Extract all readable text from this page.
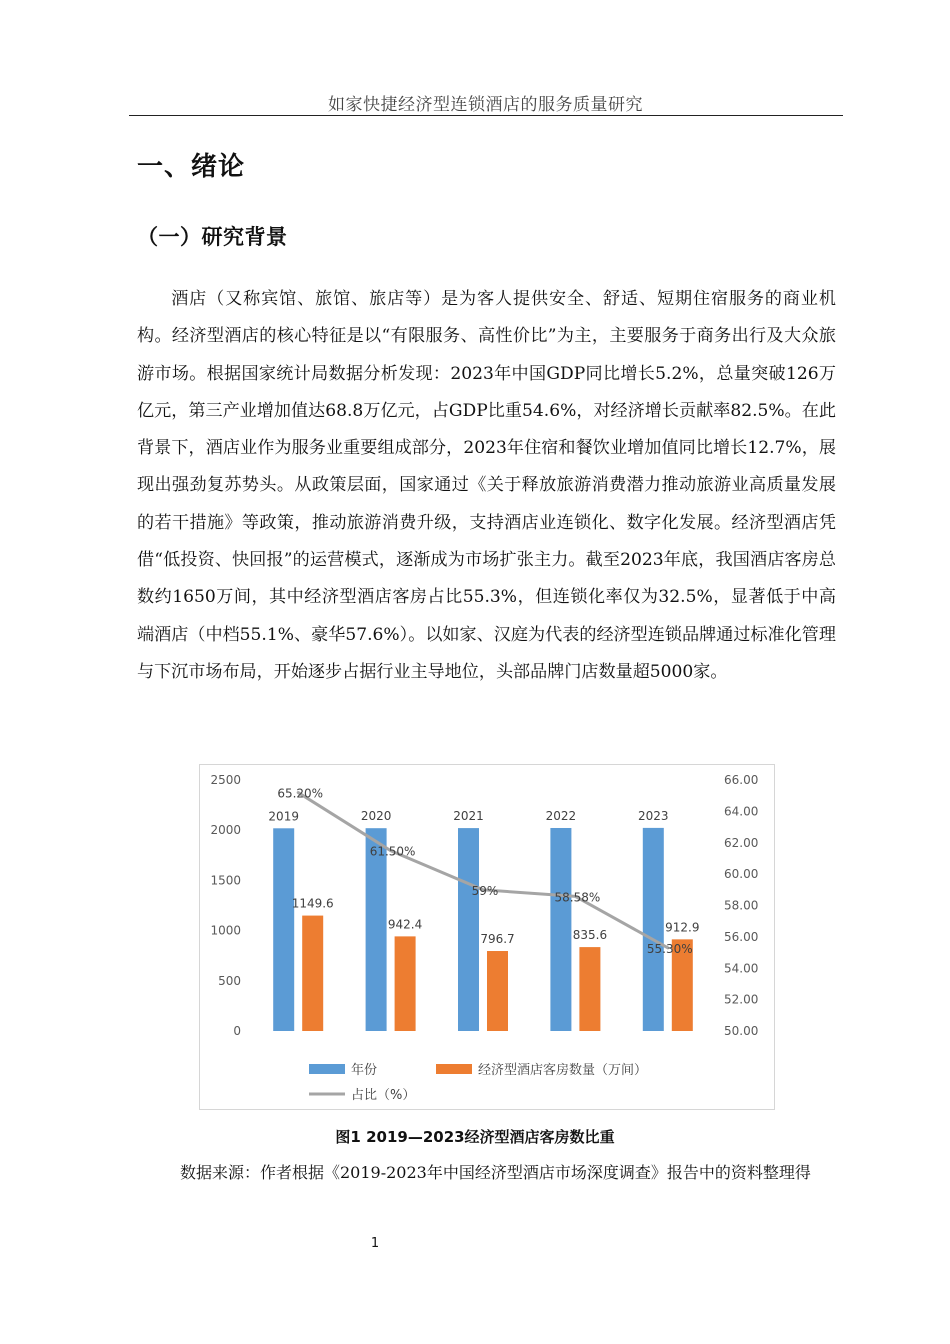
如家快捷经济型连锁酒店的服务质量研究
一、绪论
（一）研究背景

酒店（又称宾馆、旅馆、旅店等）是为客人提供安全、舒适、短期住宿服务的商业机构。经济型酒店的核心特征是以“有限服务、高性价比”为主，主要服务于商务出行及大众旅游市场。根据国家统计局数据分析发现：2023年中国GDP同比增长5.2%，总量突破126万亿元，第三产业增加值达68.8万亿元，占GDP比重54.6%，对经济增长贡献率82.5%。在此背景下，酒店业作为服务业重要组成部分，2023年住宿和餐饮业增加值同比增长12.7%，展现出强劲复苏势头。从政策层面，国家通过《关于释放旅游消费潜力推动旅游业高质量发展的若干措施》等政策，推动旅游消费升级，支持酒店业连锁化、数字化发展。经济型酒店凭借“低投资、快回报”的运营模式，逐渐成为市场扩张主力。截至2023年底，我国酒店客房总数约1650万间，其中经济型酒店客房占比55.3%，但连锁化率仅为32.5%，显著低于中高端酒店（中档55.1%、豪华57.6%）。以如家、汉庭为代表的经济型连锁品牌通过标准化管理与下沉市场布局，开始逐步占据行业主导地位，头部品牌门店数量超5000家。

0
500
1000
1500
2000
2500
50.00
52.00
54.00
56.00
58.00
60.00
62.00
64.00
66.00
2019
1149.6
2020
942.4
2021
796.7
2022
835.6
2023
912.9
65.20%
61.50%
59%	58.58%
55.30%
年份	经济型酒店客房数量（万间）
占比（%）
图1 2019—2023经济型酒店客房数比重
数据来源：作者根据《2019-2023年中国经济型酒店市场深度调查》报告中的资料整理得
1
